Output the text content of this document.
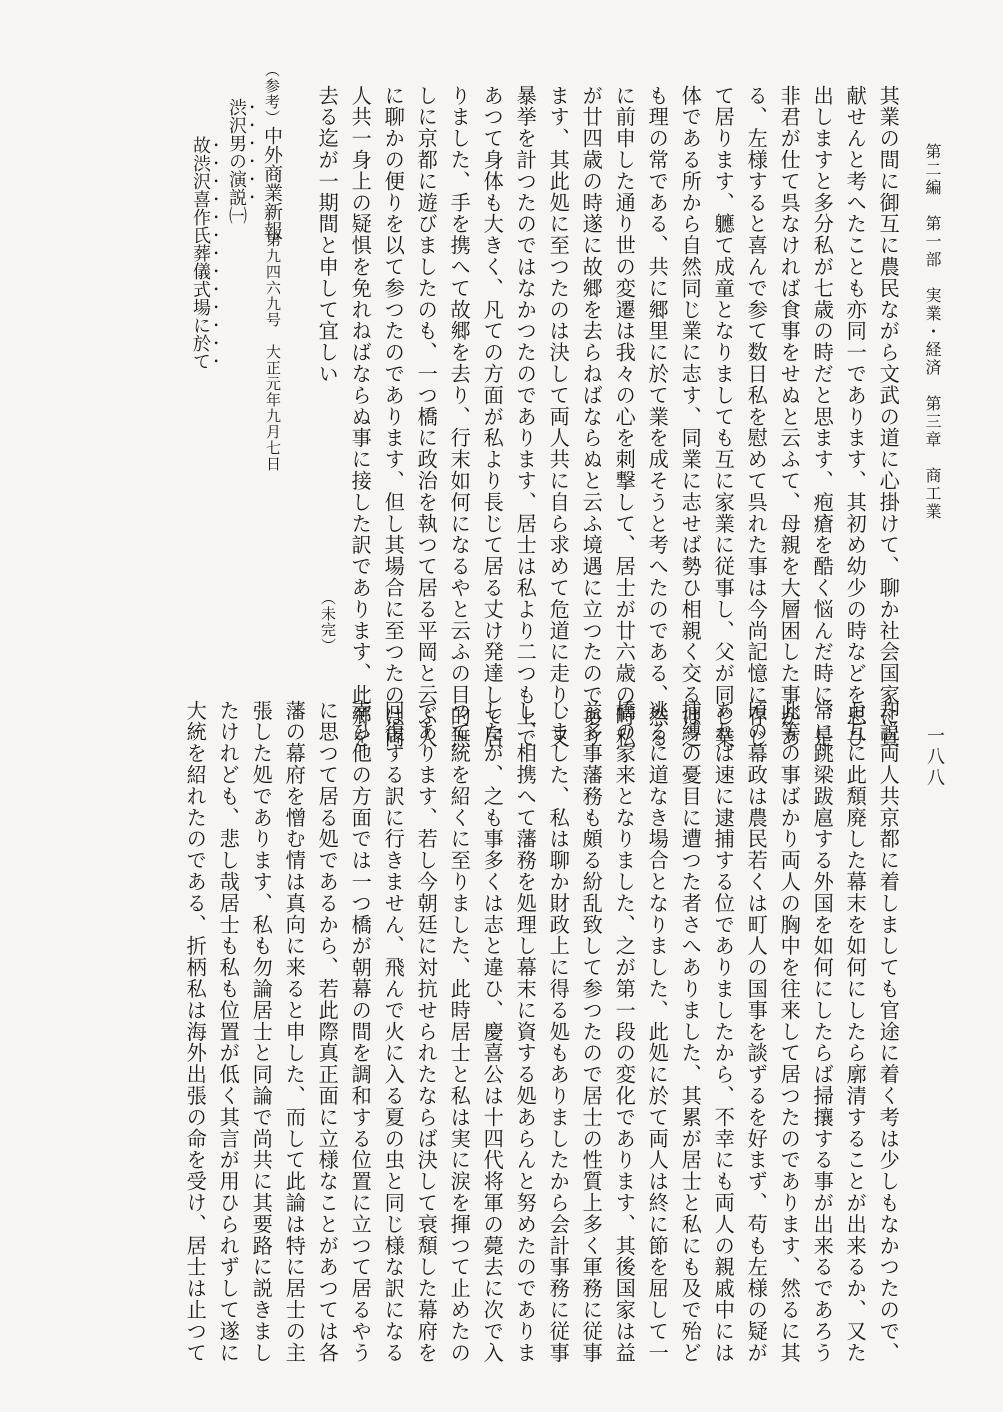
第二編　第一部　実業・経済　第三章　商工業
一八八
其業の間に御互に農民ながら文武の道に心掛けて、聊か社会国家に貢
献せんと考へたことも亦同一であります、其初め幼少の時などを思ひ
出しますと多分私が七歳の時だと思ます、疱瘡を酷く悩んだ時に、是
非君が仕て呉なければ食事をせぬと云ふて、母親を大層困した事があ
る、左様すると喜んで参て数日私を慰めて呉れた事は今尚記憶に存じ
て居ります、軈て成童となりましても互に家業に従事し、父が同じ業
体である所から自然同じ業に志す、同業に志せば勢ひ相親く交るは之
も理の常である、共に郷里に於て業を成そうと考へたのである、然る
に前申した通り世の変遷は我々の心を刺撃して、居士が廿六歳の時私
が廿四歳の時遂に故郷を去らねばならぬと云ふ境遇に立つたのであり
ます、其此処に至つたのは決して両人共に自ら求めて危道に走り、又
暴挙を計つたのではなかつたのであります、居士は私より二つも上で
あつて身体も大きく、凡ての方面が私より長じて居る丈け発達して居
りました、手を携へて故郷を去り、行末如何になるやと云ふの目的無
しに京都に遊びましたのも、一つ橋に政治を執つて居る平岡と云ふ人
に聊かの便りを以て参つたのであります、但し其場合に至つたのは両
人共一身上の疑惧を免れねばならぬ事に接した訳であります、此郷を
去る迄が一期間と申して宜しい
（未完）
（参考）
中外商業新報
第九四六九号　大正元年九月七日
渋沢男の演説㈠
故渋沢喜作氏葬儀式場に於て
却説両人共京都に着しましても官途に着く考は少しもなかつたので、
お互に此頽廃した幕末を如何にしたら廓清することが出来るか、又た
常に跳梁跋扈する外国を如何にしたらば掃攘する事が出来るであろう
此等の事ばかり両人の胸中を往来して居つたのであります、然るに其
頃の幕政は農民若くは町人の国事を談ずるを好まず、苟も左様の疑が
あれば速に逮捕する位でありましたから、不幸にも両人の親戚中には
捕縛の憂目に遭つた者さへありました、其累が居士と私にも及で殆ど
逃るに道なき場合となりました、此処に於て両人は終に節を屈して一
橋の家来となりました、之が第一段の変化であります、其後国家は益
益多事藩務も頗る紛乱致して参つたので居士の性質上多く軍務に従事
しました、私は聊か財政上に得る処もありましたから会計事務に従事
し、相携へて藩務を処理し幕末に資する処あらんと努めたのでありま
したが、之も事多くは志と違ひ、慶喜公は十四代将軍の薨去に次で入
つて統を紹くに至りました、此時居士と私は実に涙を揮つて止めたの
であります、若し今朝廷に対抗せられたならば決して衰頽した幕府を
回復する訳に行きません、飛んで火に入る夏の虫と同じ様な訳になる
幸ひ他の方面では一つ橋が朝幕の間を調和する位置に立つて居るやう
に思つて居る処であるから、若此際真正面に立様なことがあつては各
藩の幕府を憎む情は真向に来ると申した、而して此論は特に居士の主
張した処であります、私も勿論居士と同論で尚共に其要路に説きまし
たけれども、悲し哉居士も私も位置が低く其言が用ひられずして遂に
大統を紹れたのである、折柄私は海外出張の命を受け、居士は止つて
